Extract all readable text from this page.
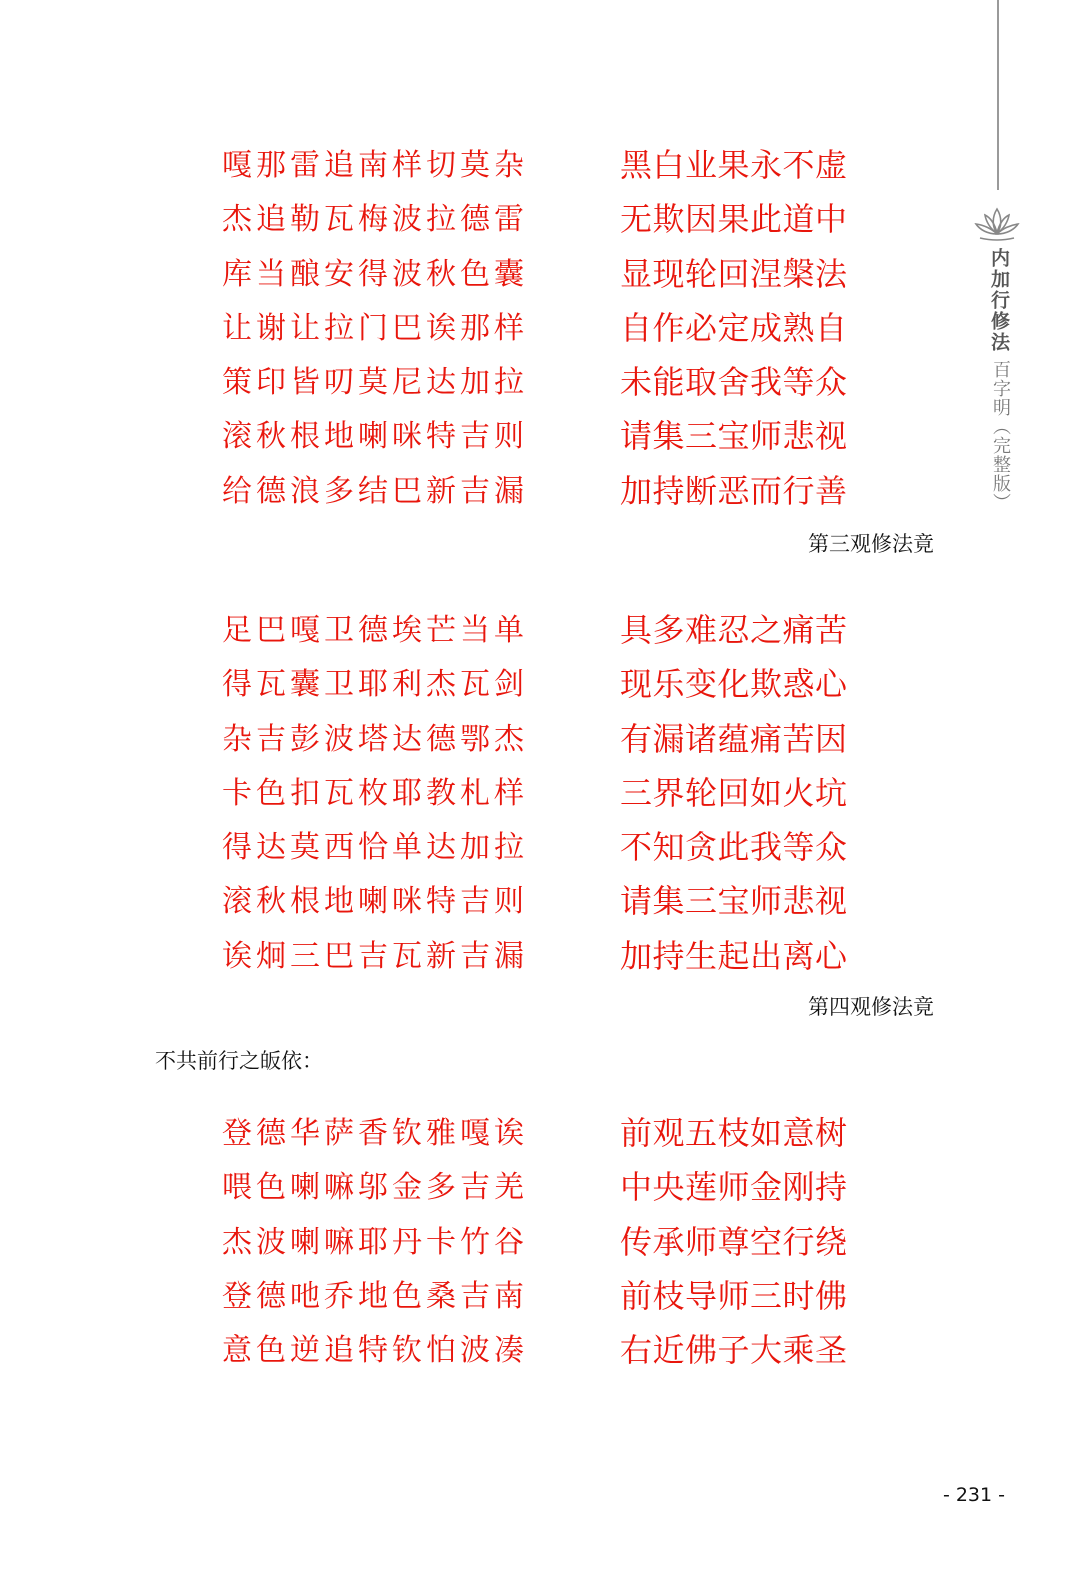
内加行修法
百字明（完整版）
嘎那雷追南样切莫杂	黑白业果永不虚
杰追勒瓦梅波拉德雷	无欺因果此道中
库当酿安得波秋色囊	显现轮回涅槃法
让谢让拉门巴诶那样	自作必定成熟自
策印皆叨莫尼达加拉	未能取舍我等众
滚秋根地喇咪特吉则	请集三宝师悲视
给德浪多结巴新吉漏	加持断恶而行善
第三观修法竟
足巴嘎卫德埃芒当单	具多难忍之痛苦
得瓦囊卫耶利杰瓦剑	现乐变化欺惑心
杂吉彭波塔达德鄂杰	有漏诸蕴痛苦因
卡色扣瓦枚耶教札样	三界轮回如火坑
得达莫西恰单达加拉	不知贪此我等众
滚秋根地喇咪特吉则	请集三宝师悲视
诶炯三巴吉瓦新吉漏	加持生起出离心
第四观修法竟
不共前行之皈依：
登德华萨香钦雅嘎诶	前观五枝如意树
喂色喇嘛邬金多吉羌	中央莲师金刚持
杰波喇嘛耶丹卡竹谷	传承师尊空行绕
登德吔乔地色桑吉南	前枝导师三时佛
意色逆追特钦怕波凑	右近佛子大乘圣
- 231 -
